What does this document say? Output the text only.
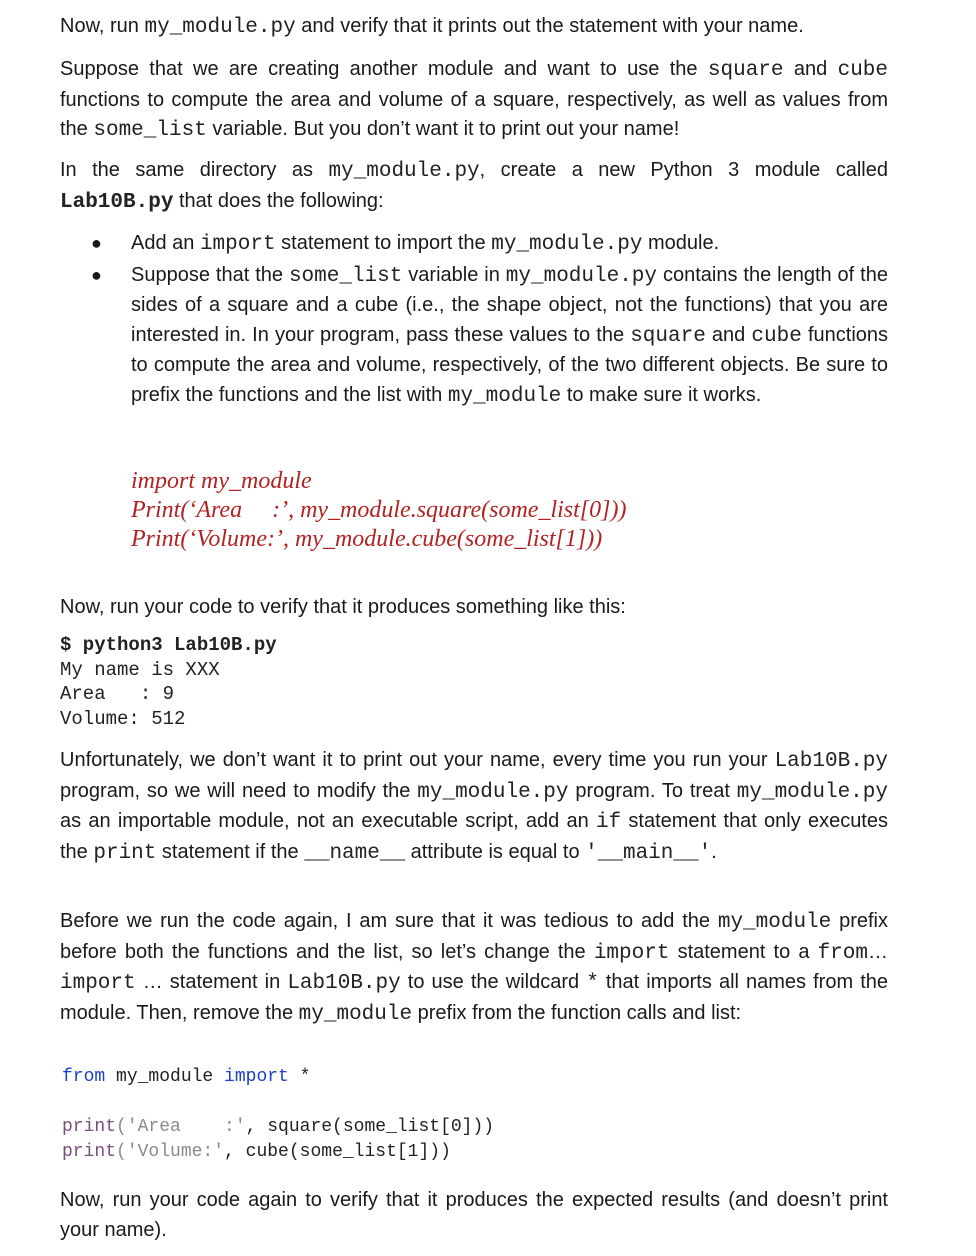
Now, run my_module.py and verify that it prints out the statement with your name.

Suppose that we are creating another module and want to use the square and cube functions to compute the area and volume of a square, respectively, as well as values from the some_list variable. But you don’t want it to print out your name!

In the same directory as my_module.py, create a new Python 3 module called Lab10B.py that does the following:

● Add an import statement to import the my_module.py module.
● Suppose that the some_list variable in my_module.py contains the length of the sides of a square and a cube (i.e., the shape object, not the functions) that you are interested in. In your program, pass these values to the square and cube functions to compute the area and volume, respectively, of the two different objects. Be sure to prefix the functions and the list with my_module to make sure it works.
import my_module
Print(‘Area     :’, my_module.square(some_list[0]))
Print(‘Volume:’, my_module.cube(some_list[1]))

Now, run your code to verify that it produces something like this:

$ python3 Lab10B.py
My name is XXX
Area   : 9
Volume: 512

Unfortunately, we don’t want it to print out your name, every time you run your Lab10B.py program, so we will need to modify the my_module.py program. To treat my_module.py as an importable module, not an executable script, add an if statement that only executes the print statement if the __name__ attribute is equal to '__main__'.

Before we run the code again, I am sure that it was tedious to add the my_module prefix before both the functions and the list, so let’s change the import statement to a from… import … statement in Lab10B.py to use the wildcard * that imports all names from the module. Then, remove the my_module prefix from the function calls and list:

from my_module import *

print('Area    :', square(some_list[0]))
print('Volume:', cube(some_list[1]))

Now, run your code again to verify that it produces the expected results (and doesn’t print your name).
